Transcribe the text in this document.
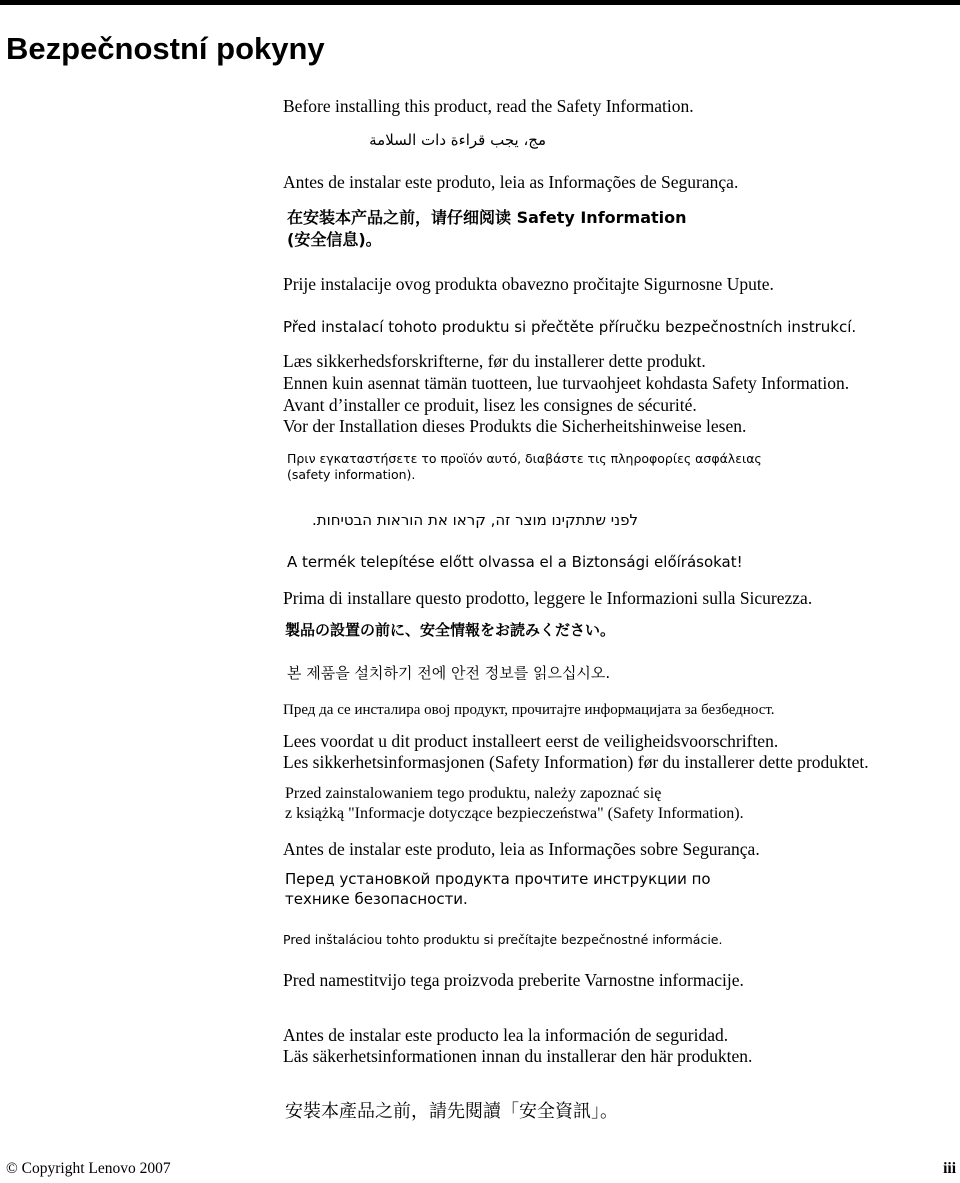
Bezpečnostní pokyny
Before installing this product, read the Safety Information.
مج، يجب قراءة دات السلامة
Antes de instalar este produto, leia as Informações de Segurança.
在安装本产品之前，请仔细阅读 Safety Information
(安全信息)。
Prije instalacije ovog produkta obavezno pročitajte Sigurnosne Upute.
Před instalací tohoto produktu si přečtěte příručku bezpečnostních instrukcí.
Læs sikkerhedsforskrifterne, før du installerer dette produkt.
Ennen kuin asennat tämän tuotteen, lue turvaohjeet kohdasta Safety Information.
Avant d’installer ce produit, lisez les consignes de sécurité.
Vor der Installation dieses Produkts die Sicherheitshinweise lesen.
Πριν εγκαταστήσετε το προϊόν αυτό, διαβάστε τις πληροφορίες ασφάλειας
(safety information).
לפני שתתקינו מוצר זה, קראו את הוראות הבטיחות.
A termék telepítése előtt olvassa el a Biztonsági előírásokat!
Prima di installare questo prodotto, leggere le Informazioni sulla Sicurezza.
製品の設置の前に、安全情報をお読みください。
본 제품을 설치하기 전에 안전 정보를 읽으십시오.
Пред да се инсталира овој продукт, прочитајте информацијата за безбедност.
Lees voordat u dit product installeert eerst de veiligheidsvoorschriften.
Les sikkerhetsinformasjonen (Safety Information) før du installerer dette produktet.
Przed zainstalowaniem tego produktu, należy zapoznać się
z książką "Informacje dotyczące bezpieczeństwa" (Safety Information).
Antes de instalar este produto, leia as Informações sobre Segurança.
Перед установкой продукта прочтите инструкции по
технике безопасности.
Pred inštaláciou tohto produktu si prečítajte bezpečnostné informácie.
Pred namestitvijo tega proizvoda preberite Varnostne informacije.
Antes de instalar este producto lea la información de seguridad.
Läs säkerhetsinformationen innan du installerar den här produkten.
安裝本產品之前，請先閱讀「安全資訊」。
© Copyright Lenovo 2007	iii
